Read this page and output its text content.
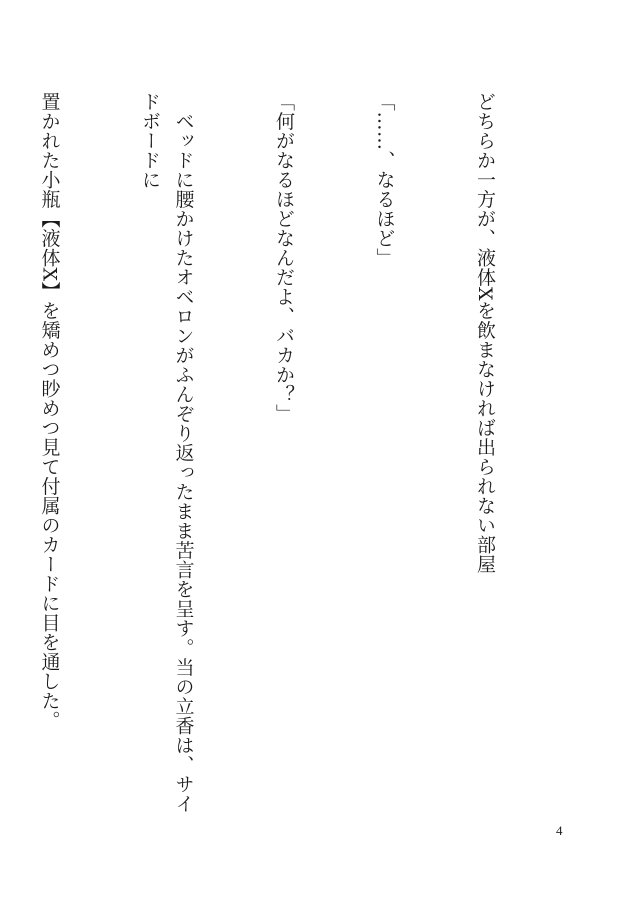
どちらか一方が、液体Xを飲まなければ出られない部屋

「……、なるほど」

「何がなるほどなんだよ、バカか？」

　ベッドに腰かけたオベロンがふんぞり返ったまま苦言を呈す。当の立香は、サイドボードに

置かれた小瓶【液体X】を矯めつ眇めつ見て付属のカードに目を通した。

4
